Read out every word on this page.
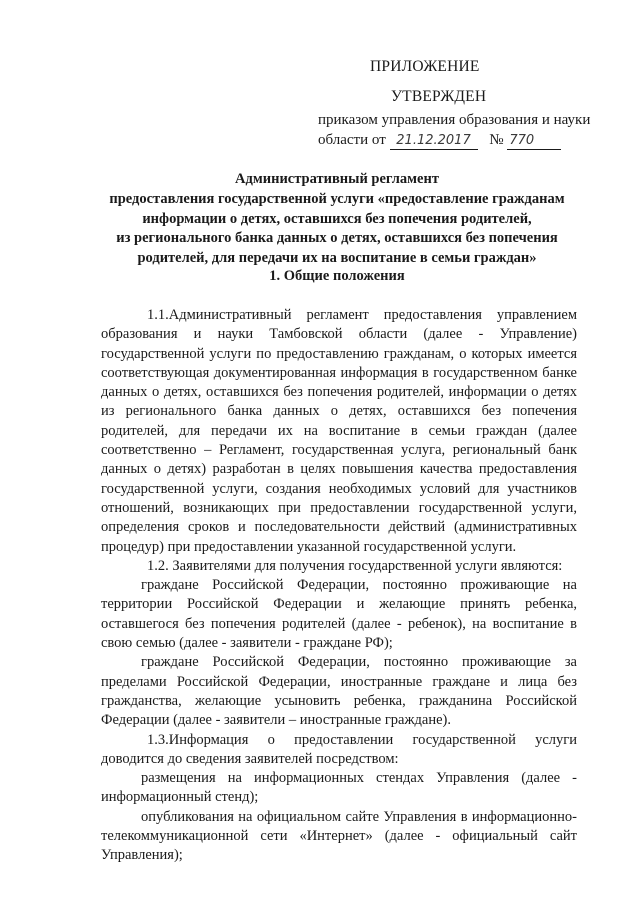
ПРИЛОЖЕНИЕ
УТВЕРЖДЕН
приказом управления образования и науки
области от 21.12.2017 № 770
Административный регламент
предоставления государственной услуги «предоставление гражданам
информации о детях, оставшихся без попечения родителей,
из регионального банка данных о детях, оставшихся без попечения
родителей, для передачи их на воспитание в семьи граждан»
1. Общие положения

1.1.Административный регламент предоставления управлением образования и науки Тамбовской области (далее - Управление) государственной услуги по предоставлению гражданам, о которых имеется соответствующая документированная информация в государственном банке данных о детях, оставшихся без попечения родителей, информации о детях из регионального банка данных о детях, оставшихся без попечения родителей, для передачи их на воспитание в семьи граждан (далее соответственно – Регламент, государственная услуга, региональный банк данных о детях) разработан в целях повышения качества предоставления государственной услуги, создания необходимых условий для участников отношений, возникающих при предоставлении государственной услуги, определения сроков и последовательности действий (административных процедур) при предоставлении указанной государственной услуги.

1.2. Заявителями для получения государственной услуги являются:

граждане Российской Федерации, постоянно проживающие на территории Российской Федерации и желающие принять ребенка, оставшегося без попечения родителей (далее - ребенок), на воспитание в свою семью (далее - заявители - граждане РФ);

граждане Российской Федерации, постоянно проживающие за пределами Российской Федерации, иностранные граждане и лица без гражданства, желающие усыновить ребенка, гражданина Российской Федерации (далее - заявители – иностранные граждане).

1.3.Информация о предоставлении государственной услуги доводится до сведения заявителей посредством:

размещения на информационных стендах Управления (далее - информационный стенд);

опубликования на официальном сайте Управления в информационно-телекоммуникационной сети «Интернет» (далее - официальный сайт Управления);
